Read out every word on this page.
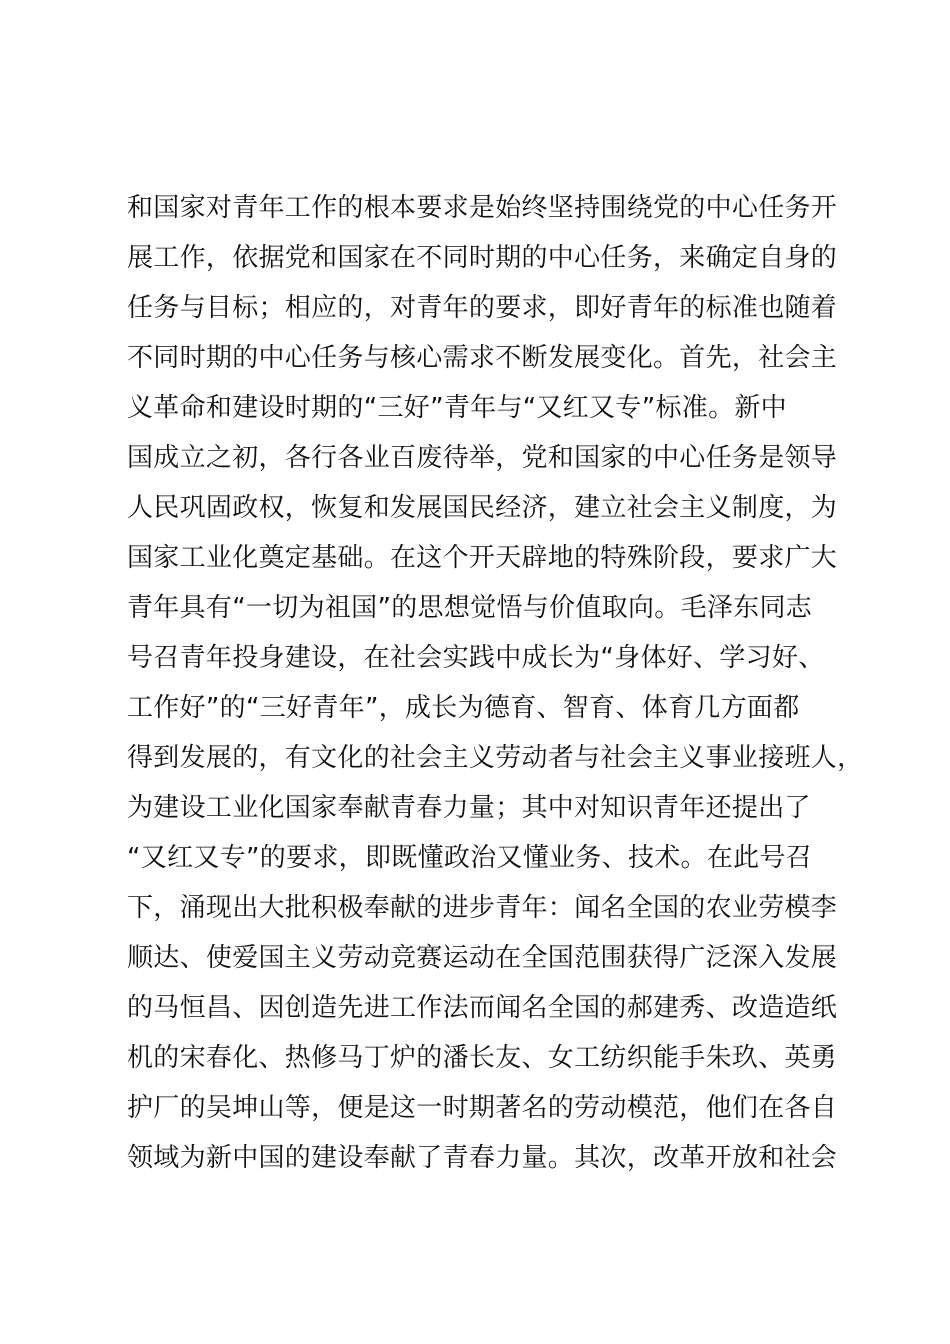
和国家对青年工作的根本要求是始终坚持围绕党的中心任务开
展工作，依据党和国家在不同时期的中心任务，来确定自身的
任务与目标；相应的，对青年的要求，即好青年的标准也随着
不同时期的中心任务与核心需求不断发展变化。首先，社会主
义革命和建设时期的“三好”青年与“又红又专”标准。新中
国成立之初，各行各业百废待举，党和国家的中心任务是领导
人民巩固政权，恢复和发展国民经济，建立社会主义制度，为
国家工业化奠定基础。在这个开天辟地的特殊阶段，要求广大
青年具有“一切为祖国”的思想觉悟与价值取向。毛泽东同志
号召青年投身建设，在社会实践中成长为“身体好、学习好、
工作好”的“三好青年”，成长为德育、智育、体育几方面都
得到发展的，有文化的社会主义劳动者与社会主义事业接班人，
为建设工业化国家奉献青春力量；其中对知识青年还提出了
“又红又专”的要求，即既懂政治又懂业务、技术。在此号召
下，涌现出大批积极奉献的进步青年：闻名全国的农业劳模李
顺达、使爱国主义劳动竞赛运动在全国范围获得广泛深入发展
的马恒昌、因创造先进工作法而闻名全国的郝建秀、改造造纸
机的宋春化、热修马丁炉的潘长友、女工纺织能手朱玖、英勇
护厂的吴坤山等，便是这一时期著名的劳动模范，他们在各自
领域为新中国的建设奉献了青春力量。其次，改革开放和社会
